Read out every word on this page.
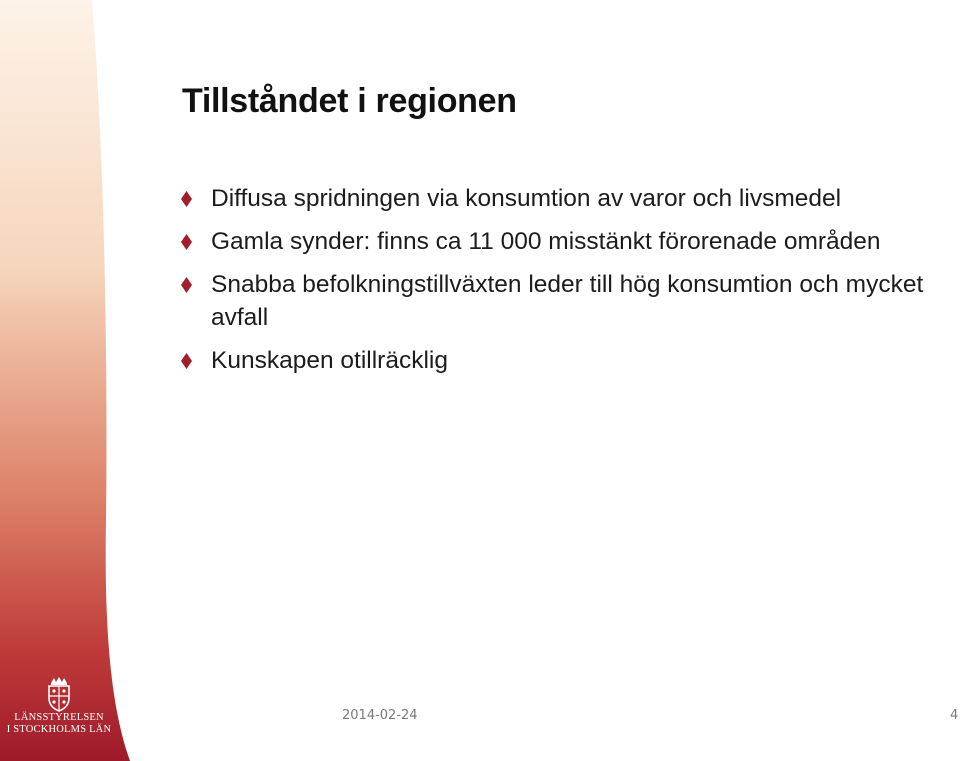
LÄNSSTYRELSEN
I STOCKHOLMS LÄN
Tillståndet i regionen
Diffusa spridningen via konsumtion av varor och livsmedel
Gamla synder: finns ca 11 000 misstänkt förorenade områden
Snabba befolkningstillväxten leder till hög konsumtion och mycket avfall
Kunskapen otillräcklig
2014-02-24	4
